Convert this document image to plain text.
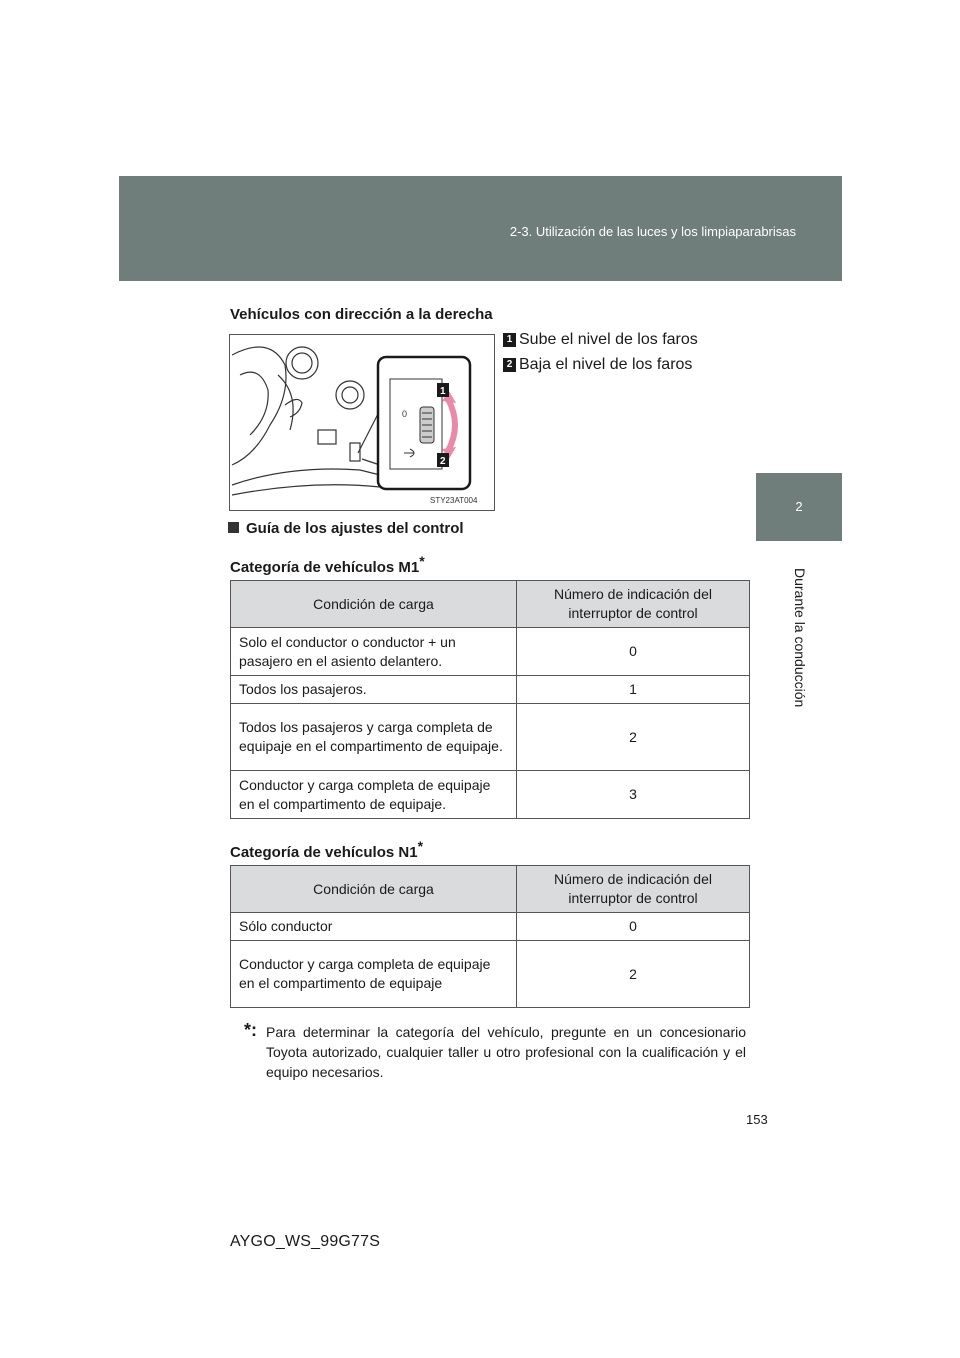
2-3. Utilización de las luces y los limpiaparabrisas
2
Durante la conducción
Vehículos con dirección a la derecha
0
1
2
STY23AT004
1 Sube el nivel de los faros
2 Baja el nivel de los faros
Guía de los ajustes del control
Categoría de vehículos M1*
Condición de carga	Número de indicación del interruptor de control
Solo el conductor o conductor + un pasajero en el asiento delantero.	0
Todos los pasajeros.	1
Todos los pasajeros y carga completa de equipaje en el compartimento de equipaje.	2
Conductor y carga completa de equipaje en el compartimento de equipaje.	3
Categoría de vehículos N1*
Condición de carga	Número de indicación del interruptor de control
Sólo conductor	0
Conductor y carga completa de equipaje en el compartimento de equipaje	2
*: Para determinar la categoría del vehículo, pregunte en un concesionario Toyota autorizado, cualquier taller u otro profesional con la cualificación y el equipo necesarios.
153
AYGO_WS_99G77S
